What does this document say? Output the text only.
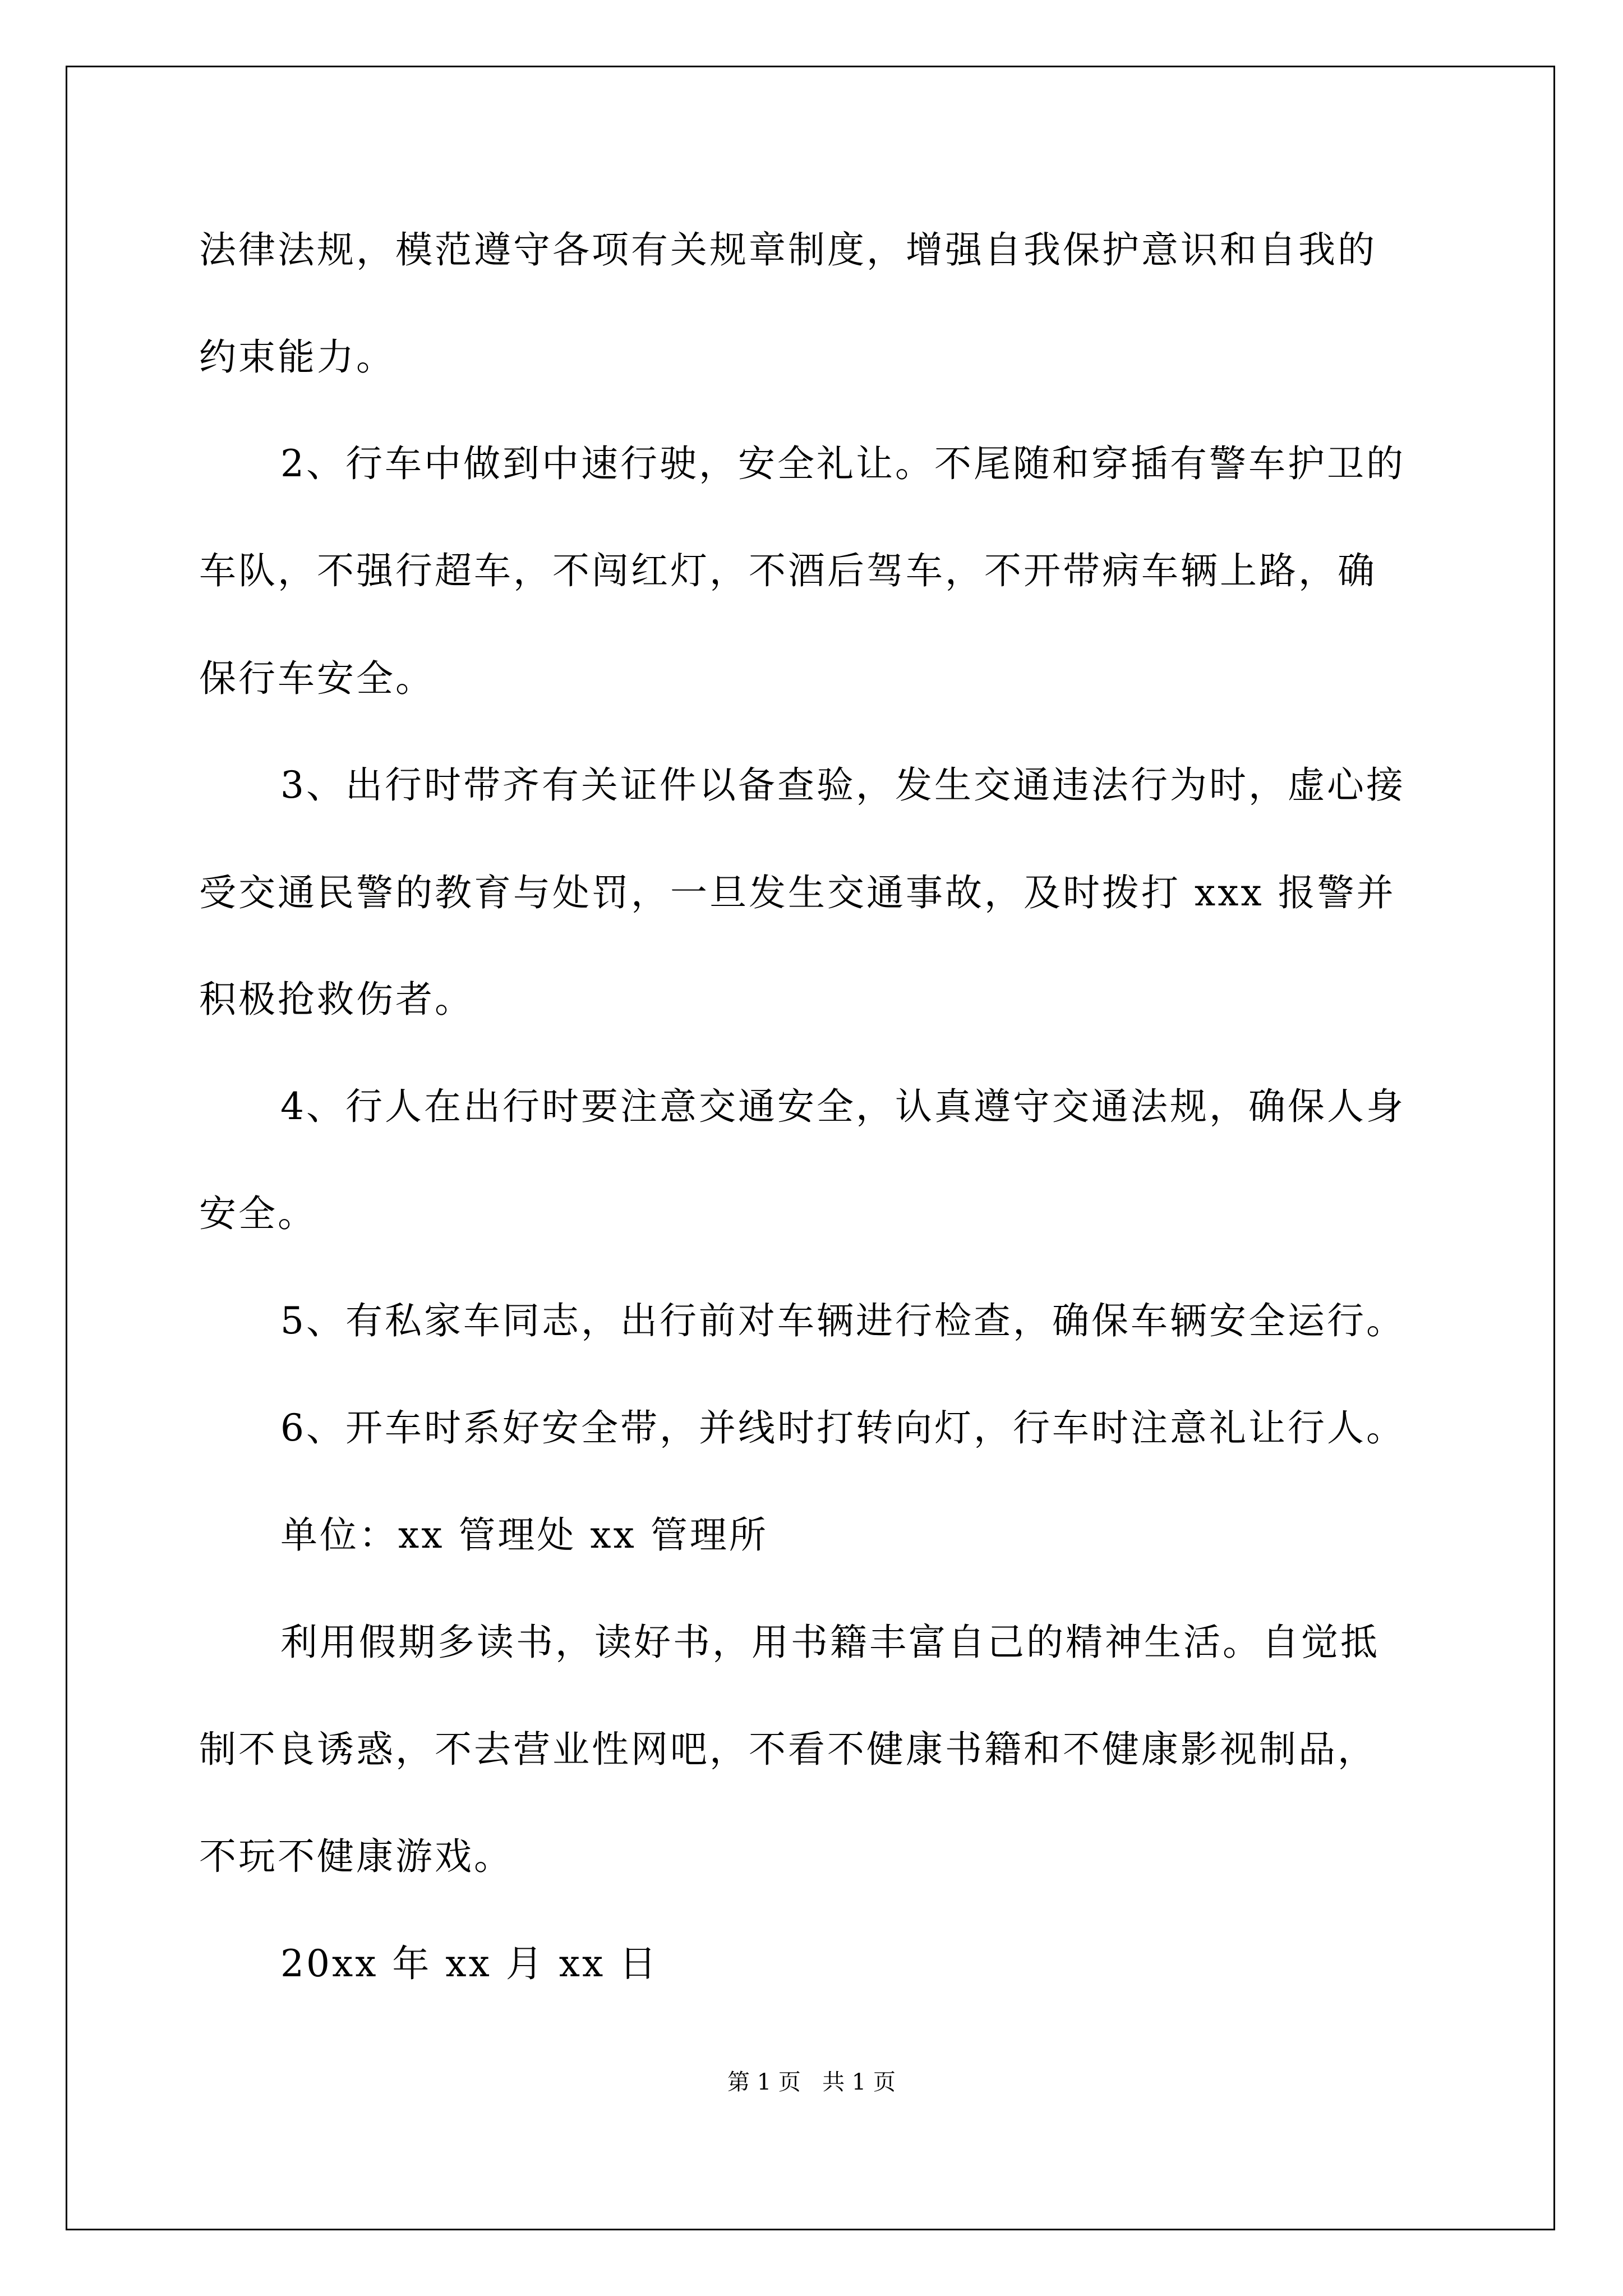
法律法规，模范遵守各项有关规章制度，增强自我保护意识和自我的
约束能力。
2、行车中做到中速行驶，安全礼让。不尾随和穿插有警车护卫的
车队，不强行超车，不闯红灯，不酒后驾车，不开带病车辆上路，确
保行车安全。
3、出行时带齐有关证件以备查验，发生交通违法行为时，虚心接
受交通民警的教育与处罚，一旦发生交通事故，及时拨打 xxx 报警并
积极抢救伤者。
4、行人在出行时要注意交通安全，认真遵守交通法规，确保人身
安全。
5、有私家车同志，出行前对车辆进行检查，确保车辆安全运行。
6、开车时系好安全带，并线时打转向灯，行车时注意礼让行人。
单位：xx 管理处 xx 管理所
利用假期多读书，读好书，用书籍丰富自己的精神生活。自觉抵
制不良诱惑，不去营业性网吧，不看不健康书籍和不健康影视制品，
不玩不健康游戏。
20xx 年 xx 月 xx 日
第 1 页   共 1 页
